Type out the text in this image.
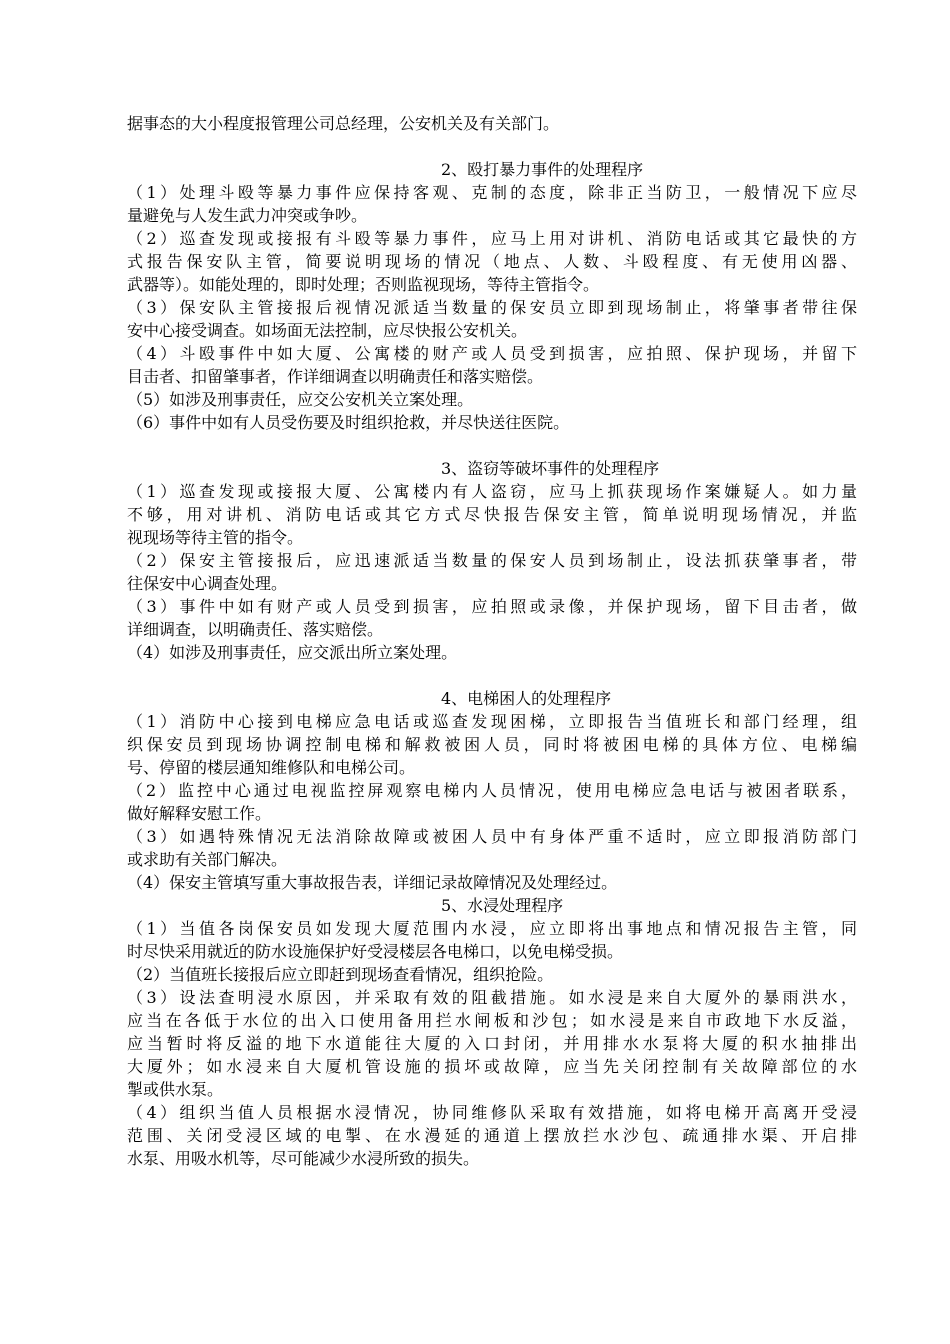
据事态的大小程度报管理公司总经理，公安机关及有关部门。
2、殴打暴力事件的处理程序
（1）处理斗殴等暴力事件应保持客观、克制的态度，除非正当防卫，一般情况下应尽
量避免与人发生武力冲突或争吵。
（2）巡查发现或接报有斗殴等暴力事件，应马上用对讲机、消防电话或其它最快的方
式报告保安队主管，简要说明现场的情况（地点、人数、斗殴程度、有无使用凶器、
武器等）。如能处理的，即时处理；否则监视现场，等待主管指令。
（3）保安队主管接报后视情况派适当数量的保安员立即到现场制止，将肇事者带往保
安中心接受调查。如场面无法控制，应尽快报公安机关。
（4）斗殴事件中如大厦、公寓楼的财产或人员受到损害，应拍照、保护现场，并留下
目击者、扣留肇事者，作详细调查以明确责任和落实赔偿。
（5）如涉及刑事责任，应交公安机关立案处理。
（6）事件中如有人员受伤要及时组织抢救，并尽快送往医院。
3、盗窃等破坏事件的处理程序
（1）巡查发现或接报大厦、公寓楼内有人盗窃，应马上抓获现场作案嫌疑人。如力量
不够，用对讲机、消防电话或其它方式尽快报告保安主管，简单说明现场情况，并监
视现场等待主管的指令。
（2）保安主管接报后，应迅速派适当数量的保安人员到场制止，设法抓获肇事者，带
往保安中心调查处理。
（3）事件中如有财产或人员受到损害，应拍照或录像，并保护现场，留下目击者，做
详细调查，以明确责任、落实赔偿。
（4）如涉及刑事责任，应交派出所立案处理。
4、电梯困人的处理程序
（1）消防中心接到电梯应急电话或巡查发现困梯，立即报告当值班长和部门经理，组
织保安员到现场协调控制电梯和解救被困人员，同时将被困电梯的具体方位、电梯编
号、停留的楼层通知维修队和电梯公司。
（2）监控中心通过电视监控屏观察电梯内人员情况，使用电梯应急电话与被困者联系，
做好解释安慰工作。
（3）如遇特殊情况无法消除故障或被困人员中有身体严重不适时，应立即报消防部门
或求助有关部门解决。
（4）保安主管填写重大事故报告表，详细记录故障情况及处理经过。
5、水浸处理程序
（1）当值各岗保安员如发现大厦范围内水浸，应立即将出事地点和情况报告主管，同
时尽快采用就近的防水设施保护好受浸楼层各电梯口，以免电梯受损。
（2）当值班长接报后应立即赶到现场查看情况，组织抢险。
（3）设法查明浸水原因，并采取有效的阻截措施。如水浸是来自大厦外的暴雨洪水，
应当在各低于水位的出入口使用备用拦水闸板和沙包；如水浸是来自市政地下水反溢，
应当暂时将反溢的地下水道能往大厦的入口封闭，并用排水水泵将大厦的积水抽排出
大厦外；如水浸来自大厦机管设施的损坏或故障，应当先关闭控制有关故障部位的水
掣或供水泵。
（4）组织当值人员根据水浸情况，协同维修队采取有效措施，如将电梯开高离开受浸
范围、关闭受浸区域的电掣、在水漫延的通道上摆放拦水沙包、疏通排水渠、开启排
水泵、用吸水机等，尽可能减少水浸所致的损失。
